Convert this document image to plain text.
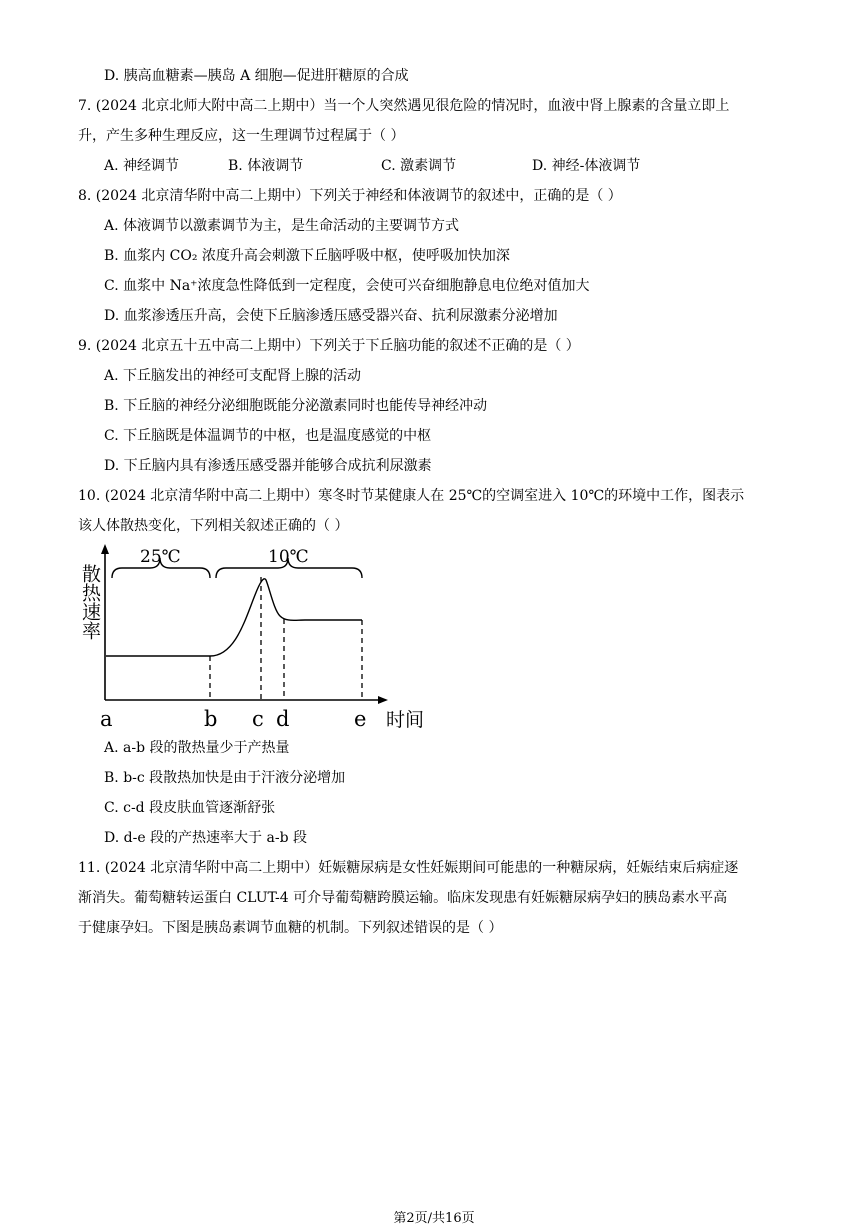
D. 胰高血糖素—胰岛 A 细胞—促进肝糖原的合成
7. (2024 北京北师大附中高二上期中）当一个人突然遇见很危险的情况时，血液中肾上腺素的含量立即上
升，产生多种生理反应，这一生理调节过程属于（ ）
8. (2024 北京清华附中高二上期中）下列关于神经和体液调节的叙述中，正确的是（ ）
A. 体液调节以激素调节为主，是生命活动的主要调节方式
B. 血浆内 CO₂ 浓度升高会刺激下丘脑呼吸中枢，使呼吸加快加深
C. 血浆中 Na⁺浓度急性降低到一定程度，会使可兴奋细胞静息电位绝对值加大
D. 血浆渗透压升高，会使下丘脑渗透压感受器兴奋、抗利尿激素分泌增加
9. (2024 北京五十五中高二上期中）下列关于下丘脑功能的叙述不正确的是（ ）
A. 下丘脑发出的神经可支配肾上腺的活动
B. 下丘脑的神经分泌细胞既能分泌激素同时也能传导神经冲动
C. 下丘脑既是体温调节的中枢，也是温度感觉的中枢
D. 下丘脑内具有渗透压感受器并能够合成抗利尿激素
10. (2024 北京清华附中高二上期中）寒冬时节某健康人在 25℃的空调室进入 10℃的环境中工作，图表示
该人体散热变化，下列相关叙述正确的（ ）
A. a-b 段的散热量少于产热量
B. b-c 段散热加快是由于汗液分泌增加
C. c-d 段皮肤血管逐渐舒张
D. d-e 段的产热速率大于 a-b 段
11. (2024 北京清华附中高二上期中）妊娠糖尿病是女性妊娠期间可能患的一种糖尿病，妊娠结束后病症逐
渐消失。葡萄糖转运蛋白 CLUT-4 可介导葡萄糖跨膜运输。临床发现患有妊娠糖尿病孕妇的胰岛素水平高
于健康孕妇。下图是胰岛素调节血糖的机制。下列叙述错误的是（ ）
A. 神经调节	B. 体液调节	C. 激素调节	D. 神经-体液调节
散热速率
25℃	10℃
a	b c d	e 时间
第2页/共16页
